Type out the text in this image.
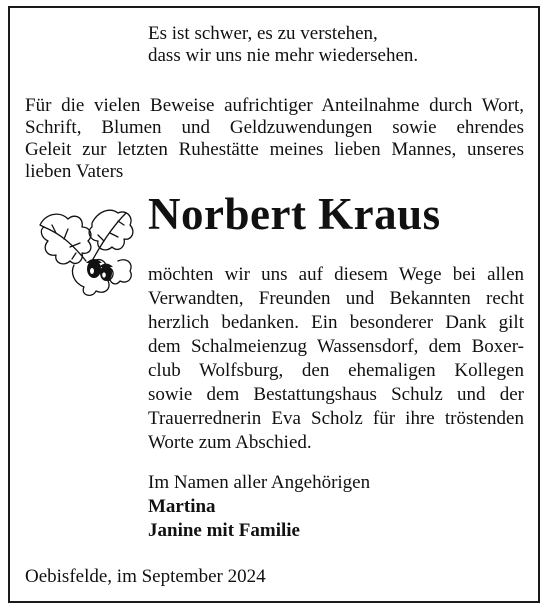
Es ist schwer, es zu verstehen,
dass wir uns nie mehr wiedersehen.
Für die vielen Beweise aufrichtiger Anteilnahme durch Wort,
Schrift, Blumen und Geldzuwendungen sowie ehrendes
Geleit zur letzten Ruhestätte meines lieben Mannes, unseres
lieben Vaters
Norbert Kraus
möchten wir uns auf diesem Wege bei allen
Verwandten, Freunden und Bekannten recht
herzlich bedanken. Ein besonderer Dank gilt
dem Schalmeienzug Wassensdorf, dem Boxer-
club Wolfsburg, den ehemaligen Kollegen
sowie dem Bestattungshaus Schulz und der
Trauerrednerin Eva Scholz für ihre tröstenden
Worte zum Abschied.
Im Namen aller Angehörigen
Martina
Janine mit Familie
Oebisfelde, im September 2024
